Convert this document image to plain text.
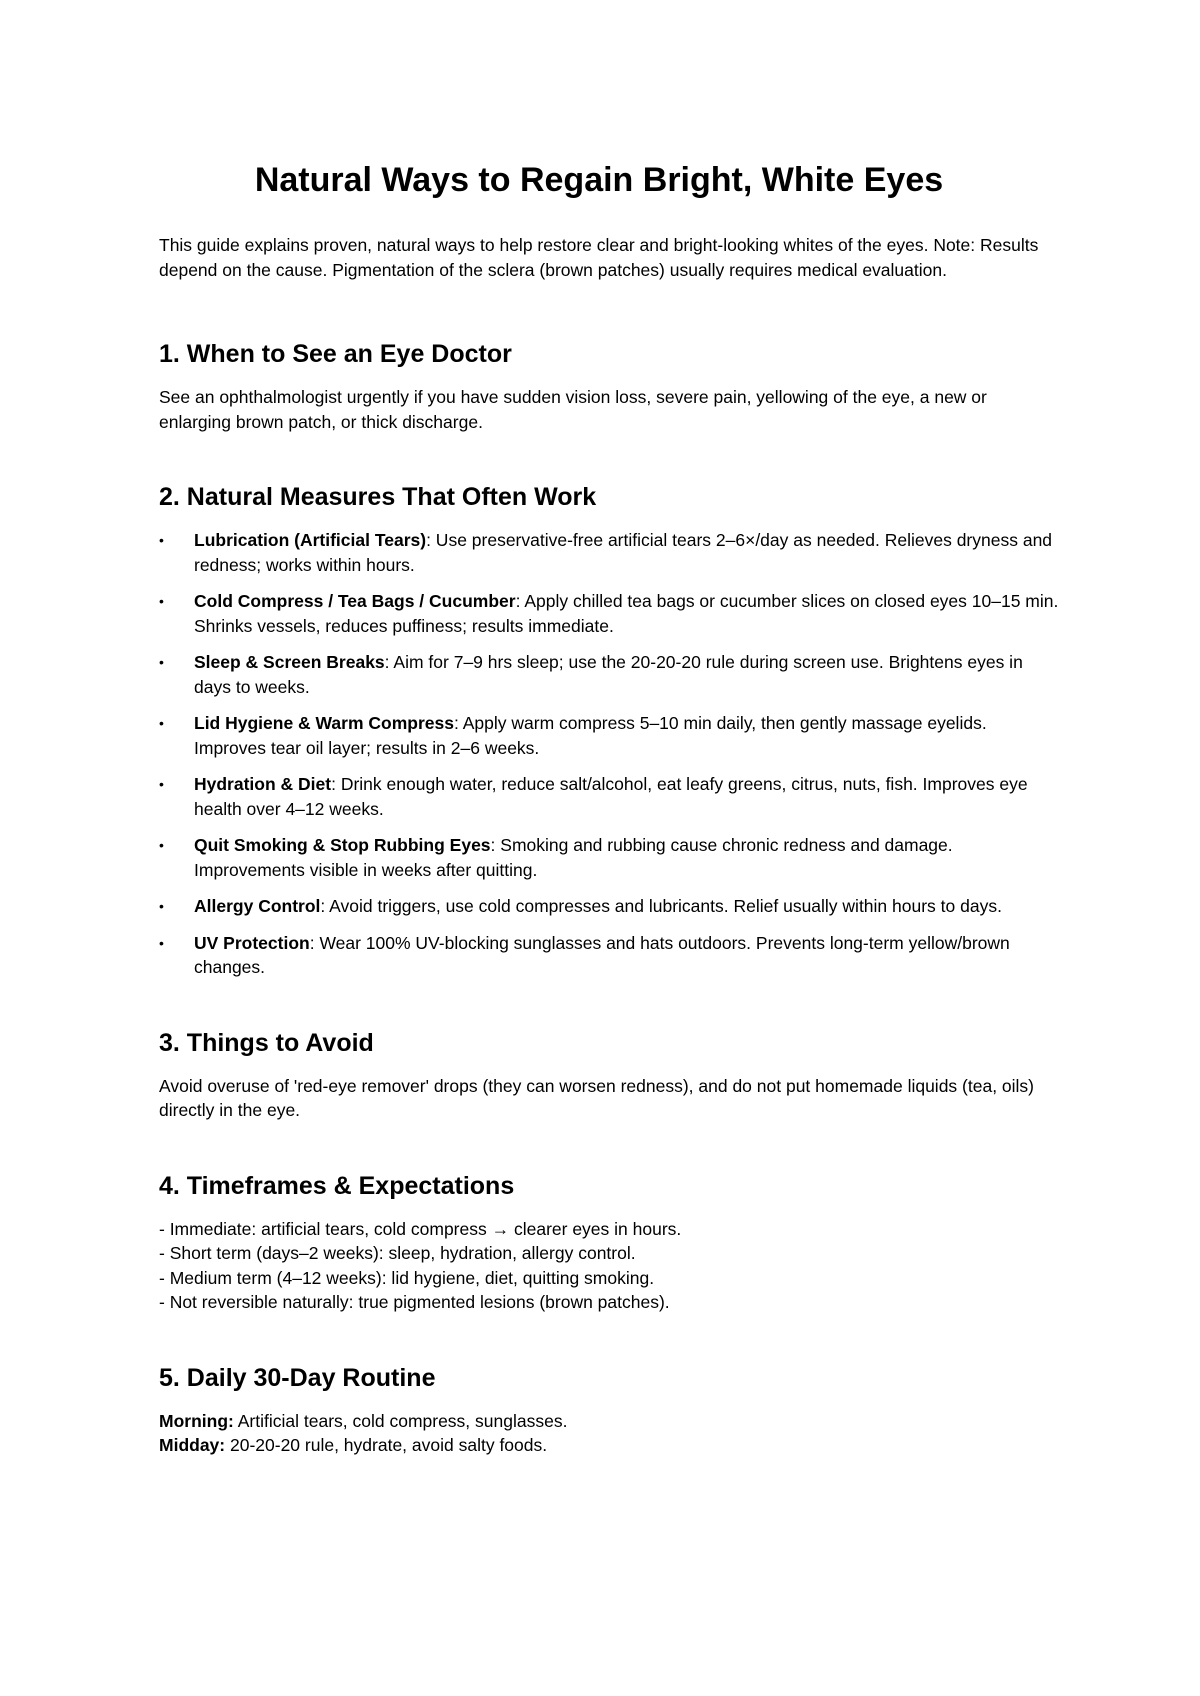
Natural Ways to Regain Bright, White Eyes

This guide explains proven, natural ways to help restore clear and bright-looking whites of the eyes. Note: Results depend on the cause. Pigmentation of the sclera (brown patches) usually requires medical evaluation.

1. When to See an Eye Doctor

See an ophthalmologist urgently if you have sudden vision loss, severe pain, yellowing of the eye, a new or enlarging brown patch, or thick discharge.

2. Natural Measures That Often Work
•	Lubrication (Artificial Tears): Use preservative-free artificial tears 2–6×/day as needed. Relieves dryness and redness; works within hours.
•	Cold Compress / Tea Bags / Cucumber: Apply chilled tea bags or cucumber slices on closed eyes 10–15 min. Shrinks vessels, reduces puffiness; results immediate.
•	Sleep & Screen Breaks: Aim for 7–9 hrs sleep; use the 20-20-20 rule during screen use. Brightens eyes in days to weeks.
•	Lid Hygiene & Warm Compress: Apply warm compress 5–10 min daily, then gently massage eyelids. Improves tear oil layer; results in 2–6 weeks.
•	Hydration & Diet: Drink enough water, reduce salt/alcohol, eat leafy greens, citrus, nuts, fish. Improves eye health over 4–12 weeks.
•	Quit Smoking & Stop Rubbing Eyes: Smoking and rubbing cause chronic redness and damage. Improvements visible in weeks after quitting.
•	Allergy Control: Avoid triggers, use cold compresses and lubricants. Relief usually within hours to days.
•	UV Protection: Wear 100% UV-blocking sunglasses and hats outdoors. Prevents long-term yellow/brown changes.
3. Things to Avoid

Avoid overuse of 'red-eye remover' drops (they can worsen redness), and do not put homemade liquids (tea, oils) directly in the eye.

4. Timeframes & Expectations
- Immediate: artificial tears, cold compress → clearer eyes in hours.
- Short term (days–2 weeks): sleep, hydration, allergy control.
- Medium term (4–12 weeks): lid hygiene, diet, quitting smoking.
- Not reversible naturally: true pigmented lesions (brown patches).
5. Daily 30-Day Routine
Morning: Artificial tears, cold compress, sunglasses.
Midday: 20-20-20 rule, hydrate, avoid salty foods.
